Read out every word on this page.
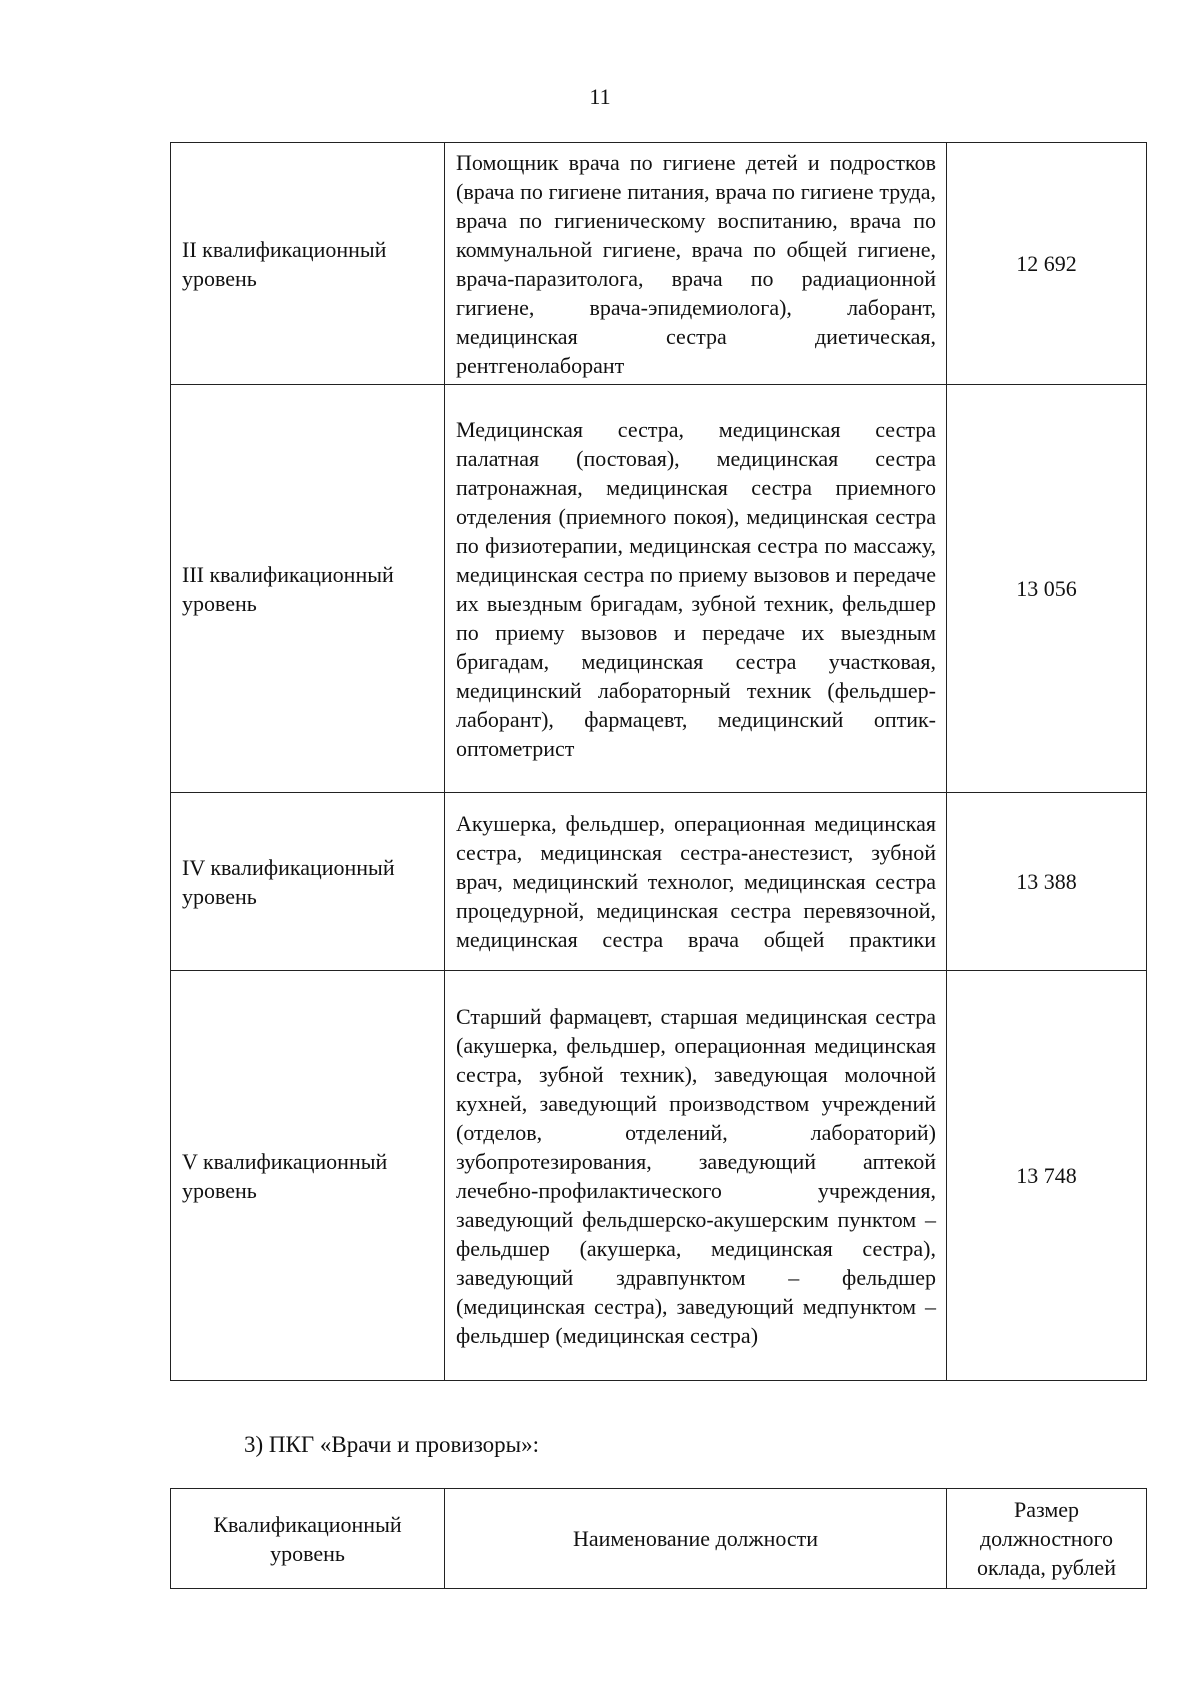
11
II квалификационный уровень	Помощник врача по гигиене детей и подростков (врача по гигиене питания, врача по гигиене труда, врача по гигиеническому воспитанию, врача по коммунальной гигиене, врача по общей гигиене, врача-паразитолога, врача по радиационной гигиене, врача-эпидемиолога), лаборант, медицинская сестра диетическая, рентгенолаборант	12 692
III квалификационный уровень	Медицинская сестра, медицинская сестра палатная (постовая), медицинская сестра патронажная, медицинская сестра приемного отделения (приемного покоя), медицинская сестра по физиотерапии, медицинская сестра по массажу, медицинская сестра по приему вызовов и передаче их выездным бригадам, зубной техник, фельдшер по приему вызовов и передаче их выездным бригадам, медицинская сестра участковая, медицинский лабораторный техник (фельдшер-лаборант), фармацевт, медицинский оптик-оптометрист	13 056
IV квалификационный уровень	Акушерка, фельдшер, операционная медицинская сестра, медицинская сестра-анестезист, зубной врач, медицинский технолог, медицинская сестра процедурной, медицинская сестра перевязочной, медицинская сестра врача общей практики	13 388
V квалификационный уровень	Старший фармацевт, старшая медицинская сестра (акушерка, фельдшер, операционная медицинская сестра, зубной техник), заведующая молочной кухней, заведующий производством учреждений (отделов, отделений, лабораторий) зубопротезирования, заведующий аптекой лечебно-профилактического учреждения, заведующий фельдшерско-акушерским пунктом – фельдшер (акушерка, медицинская сестра), заведующий здравпунктом – фельдшер (медицинская сестра), заведующий медпунктом – фельдшер (медицинская сестра)	13 748
3) ПКГ «Врачи и провизоры»:
Квалификационный уровень	Наименование должности	Размер должностного оклада, рублей
